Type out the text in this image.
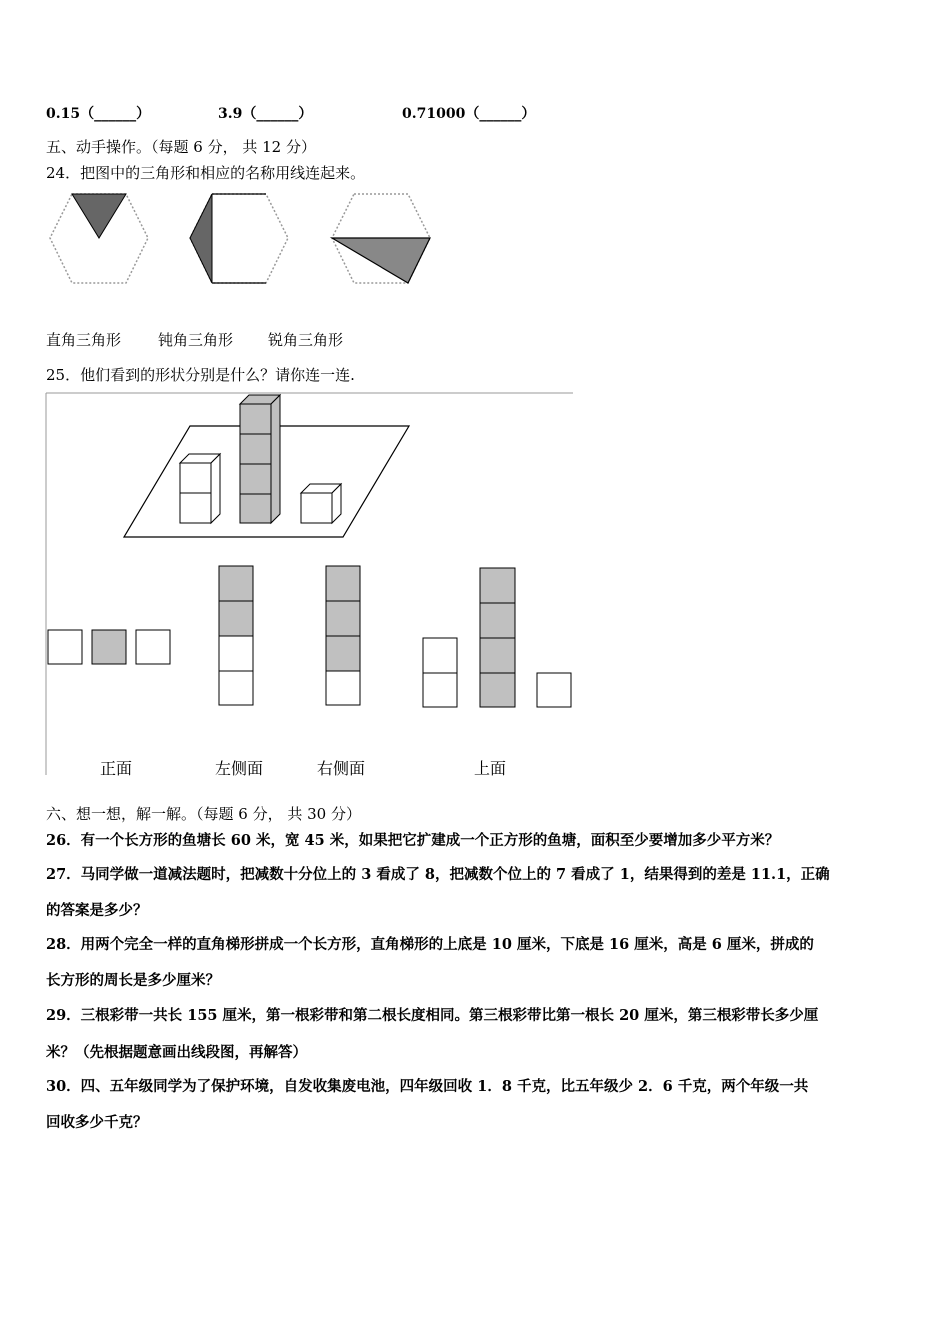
0.15（______）	3.9（______）	0.71000（______）
五、动手操作。（每题 6 分， 共 12 分）
24．把图中的三角形和相应的名称用线连起来。
直角三角形 钝角三角形 锐角三角形
25．他们看到的形状分别是什么？请你连一连.
正面	左侧面	右侧面	上面
六、想一想，解一解。（每题 6 分， 共 30 分）
26．有一个长方形的鱼塘长 60 米，宽 45 米，如果把它扩建成一个正方形的鱼塘，面积至少要增加多少平方米？
27．马同学做一道减法题时，把减数十分位上的 3 看成了 8，把减数个位上的 7 看成了 1，结果得到的差是 11.1，正确
的答案是多少？
28．用两个完全一样的直角梯形拼成一个长方形，直角梯形的上底是 10 厘米，下底是 16 厘米，高是 6 厘米，拼成的
长方形的周长是多少厘米？
29．三根彩带一共长 155 厘米，第一根彩带和第二根长度相同。第三根彩带比第一根长 20 厘米，第三根彩带长多少厘
米？（先根据题意画出线段图，再解答）
30．四、五年级同学为了保护环境，自发收集废电池，四年级回收 1．8 千克，比五年级少 2．6 千克，两个年级一共
回收多少千克？
